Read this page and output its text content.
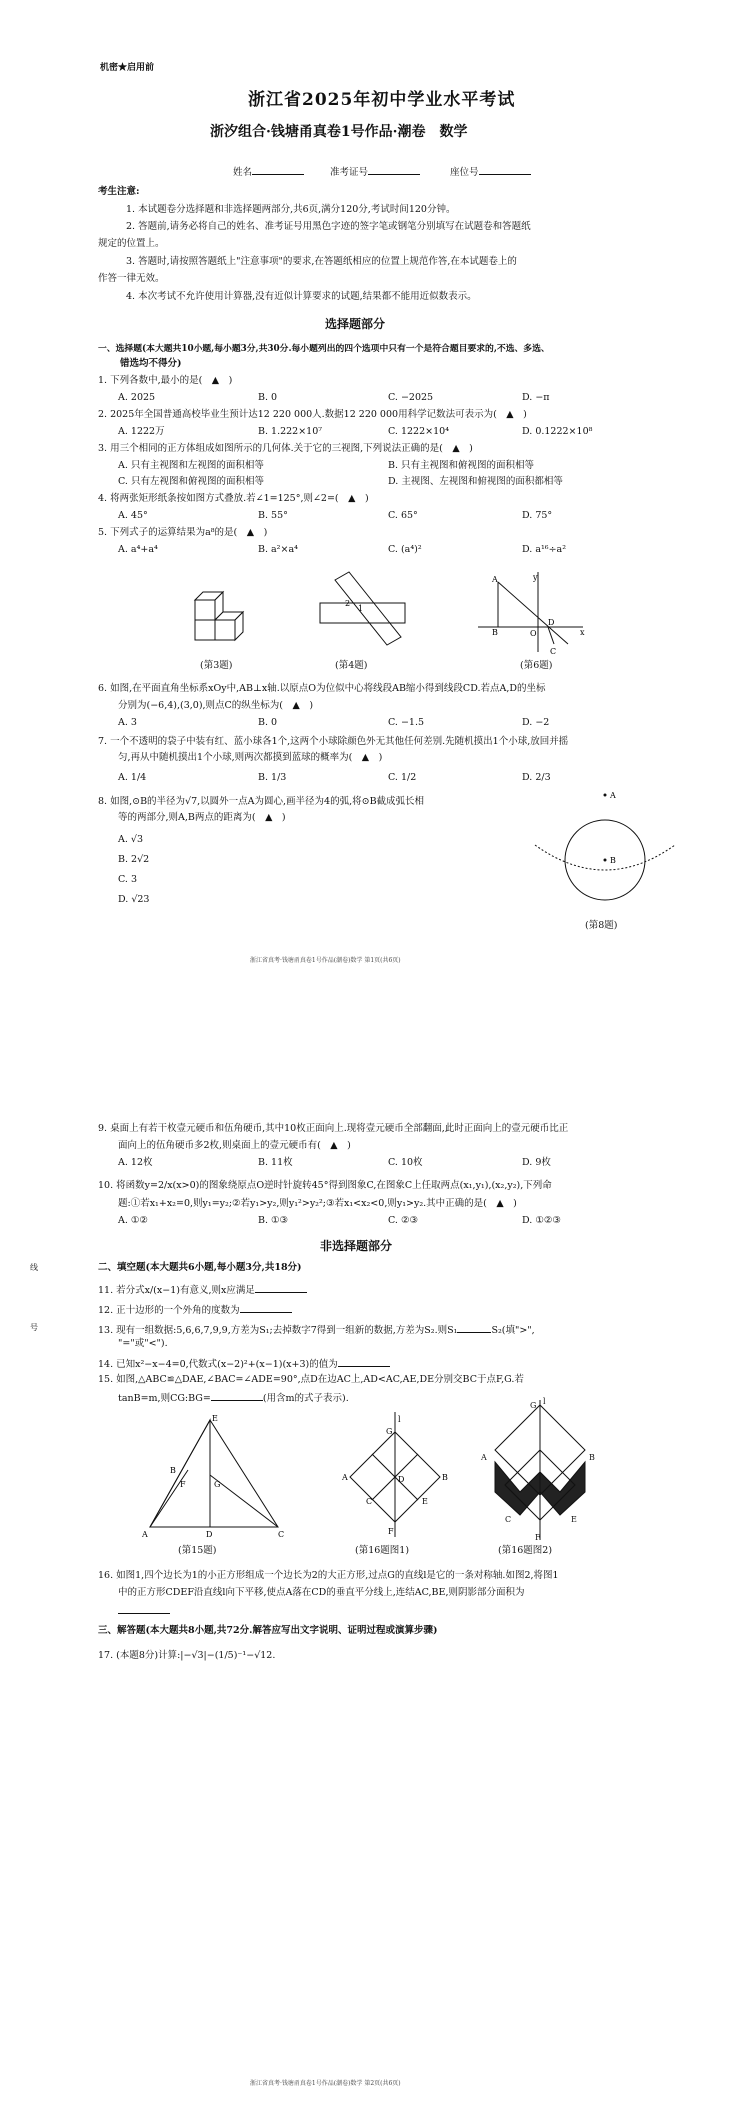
机密★启用前
浙江省2025年初中学业水平考试
浙汐组合·钱塘甬真卷1号作品·潮卷　数学
姓名	准考证号	座位号
考生注意:
1. 本试题卷分选择题和非选择题两部分,共6页,满分120分,考试时间120分钟。
2. 答题前,请务必将自己的姓名、准考证号用黑色字迹的签字笔或钢笔分别填写在试题卷和答题纸
规定的位置上。
3. 答题时,请按照答题纸上"注意事项"的要求,在答题纸相应的位置上规范作答,在本试题卷上的
作答一律无效。
4. 本次考试不允许使用计算器,没有近似计算要求的试题,结果都不能用近似数表示。
选择题部分
一、选择题(本大题共10小题,每小题3分,共30分.每小题列出的四个选项中只有一个是符合题目要求的,不选、多选、
错选均不得分)
1. 下列各数中,最小的是(　▲　)
A. 2025	B. 0	C. −2025	D. −π
2. 2025年全国普通高校毕业生预计达12 220 000人.数据12 220 000用科学记数法可表示为(　▲　)
A. 1222万	B. 1.222×10⁷	C. 1222×10⁴	D. 0.1222×10⁸
3. 用三个相同的正方体组成如图所示的几何体.关于它的三视图,下列说法正确的是(　▲　)
A. 只有主视图和左视图的面积相等	B. 只有主视图和俯视图的面积相等
C. 只有左视图和俯视图的面积相等	D. 主视图、左视图和俯视图的面积都相等
4. 将两张矩形纸条按如图方式叠放.若∠1=125°,则∠2=(　▲　)
A. 45°	B. 55°	C. 65°	D. 75°
5. 下列式子的运算结果为a⁸的是(　▲　)
A. a⁴+a⁴	B. a²×a⁴	C. (a⁴)²	D. a¹⁶÷a²
(第3题)
1
2
(第4题)
y
x
O
A
B
C
D
(第6题)
6. 如图,在平面直角坐标系xOy中,AB⊥x轴.以原点O为位似中心将线段AB缩小得到线段CD.若点A,D的坐标
分别为(−6,4),(3,0),则点C的纵坐标为(　▲　)
A. 3	B. 0	C. −1.5	D. −2
7. 一个不透明的袋子中装有红、蓝小球各1个,这两个小球除颜色外无其他任何差别.先随机摸出1个小球,放回并摇
匀,再从中随机摸出1个小球,则两次都摸到蓝球的概率为(　▲　)
A. 1/4	B. 1/3	C. 1/2	D. 2/3
8. 如图,⊙B的半径为√7,以圆外一点A为圆心,画半径为4的弧,将⊙B截成弧长相
等的两部分,则A,B两点的距离为(　▲　)
A. √3
B. 2√2
C. 3
D. √23
A
B
(第8题)
浙江省真考·钱塘甬真卷1号作品(潮卷)数学 第1页(共6页)
线
号
9. 桌面上有若干枚壹元硬币和伍角硬币,其中10枚正面向上.现将壹元硬币全部翻面,此时正面向上的壹元硬币比正
面向上的伍角硬币多2枚,则桌面上的壹元硬币有(　▲　)
A. 12枚	B. 11枚	C. 10枚	D. 9枚
10. 将函数y=2/x(x>0)的图象绕原点O逆时针旋转45°得到图象C,在图象C上任取两点(x₁,y₁),(x₂,y₂),下列命
题:①若x₁+x₂=0,则y₁=y₂;②若y₁>y₂,则y₁²>y₂²;③若x₁<x₂<0,则y₁>y₂.其中正确的是(　▲　)
A. ①②	B. ①③	C. ②③	D. ①②③
非选择题部分
二、填空题(本大题共6小题,每小题3分,共18分)
11. 若分式x/(x−1)有意义,则x应满足
12. 正十边形的一个外角的度数为
13. 现有一组数据:5,6,6,7,9,9,方差为S₁;去掉数字7得到一组新的数据,方差为S₂.则S₁	S₂(填">",
"="或"<").
14. 已知x²−x−4=0,代数式(x−2)²+(x−1)(x+3)的值为
15. 如图,△ABC≌△DAE,∠BAC=∠ADE=90°,点D在边AC上,AD<AC,AE,DE分别交BC于点F,G.若
tanB=m,则CG:BG=	(用含m的式子表示).
A
B
C
D
E
F	G
(第15题)
G
l
A	B
C
D
E
F
(第16题图1)
G l
A	B
C	E
F
(第16题图2)
16. 如图1,四个边长为1的小正方形组成一个边长为2的大正方形,过点G的直线l是它的一条对称轴.如图2,将图1
中的正方形CDEF沿直线l向下平移,使点A落在CD的垂直平分线上,连结AC,BE,则阴影部分面积为
三、解答题(本大题共8小题,共72分.解答应写出文字说明、证明过程或演算步骤)
17. (本题8分)计算:|−√3|−(1/5)⁻¹−√12.
浙江省真考·钱塘甬真卷1号作品(潮卷)数学 第2页(共6页)
